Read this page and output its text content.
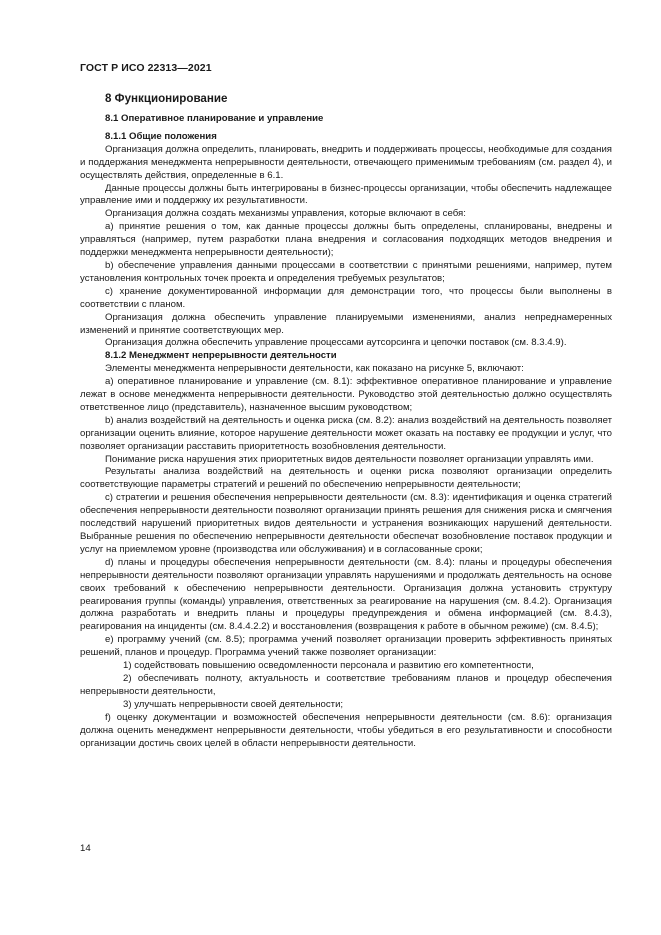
ГОСТ Р ИСО 22313—2021
8 Функционирование
8.1 Оперативное планирование и управление
8.1.1 Общие положения

Организация должна определить, планировать, внедрить и поддерживать процессы, необходимые для создания и поддержания менеджмента непрерывности деятельности, отвечающего применимым требованиям (см. раздел 4), и осуществлять действия, определенные в 6.1.

Данные процессы должны быть интегрированы в бизнес-процессы организации, чтобы обеспечить надлежащее управление ими и поддержку их результативности.

Организация должна создать механизмы управления, которые включают в себя:

а) принятие решения о том, как данные процессы должны быть определены, спланированы, внедрены и управляться (например, путем разработки плана внедрения и согласования подходящих методов внедрения и поддержки менеджмента непрерывности деятельности);

b) обеспечение управления данными процессами в соответствии с принятыми решениями, например, путем установления контрольных точек проекта и определения требуемых результатов;

с) хранение документированной информации для демонстрации того, что процессы были выполнены в соответствии с планом.

Организация должна обеспечить управление планируемыми изменениями, анализ непреднамеренных изменений и принятие соответствующих мер.

Организация должна обеспечить управление процессами аутсорсинга и цепочки поставок (см. 8.3.4.9).

8.1.2 Менеджмент непрерывности деятельности

Элементы менеджмента непрерывности деятельности, как показано на рисунке 5, включают:

а) оперативное планирование и управление (см. 8.1): эффективное оперативное планирование и управление лежат в основе менеджмента непрерывности деятельности. Руководство этой деятельностью должно осуществлять ответственное лицо (представитель), назначенное высшим руководством;

b) анализ воздействий на деятельность и оценка риска (см. 8.2): анализ воздействий на деятельность позволяет организации оценить влияние, которое нарушение деятельности может оказать на поставку ее продукции и услуг, что позволяет организации расставить приоритетность возобновления деятельности.

Понимание риска нарушения этих приоритетных видов деятельности позволяет организации управлять ими.

Результаты анализа воздействий на деятельность и оценки риска позволяют организации определить соответствующие параметры стратегий и решений по обеспечению непрерывности деятельности;

с) стратегии и решения обеспечения непрерывности деятельности (см. 8.3): идентификация и оценка стратегий обеспечения непрерывности деятельности позволяют организации принять решения для снижения риска и смягчения последствий нарушений приоритетных видов деятельности и устранения возникающих нарушений деятельности. Выбранные решения по обеспечению непрерывности деятельности обеспечат возобновление поставок продукции и услуг на приемлемом уровне (производства или обслуживания) и в согласованные сроки;

d) планы и процедуры обеспечения непрерывности деятельности (см. 8.4): планы и процедуры обеспечения непрерывности деятельности позволяют организации управлять нарушениями и продолжать деятельность на основе своих требований к обеспечению непрерывности деятельности. Организация должна установить структуру реагирования группы (команды) управления, ответственных за реагирование на нарушения (см. 8.4.2). Организация должна разработать и внедрить планы и процедуры предупреждения и обмена информацией (см. 8.4.3), реагирования на инциденты (см. 8.4.4.2.2) и восстановления (возвращения к работе в обычном режиме) (см. 8.4.5);

е) программу учений (см. 8.5); программа учений позволяет организации проверить эффективность принятых решений, планов и процедур. Программа учений также позволяет организации:

1) содействовать повышению осведомленности персонала и развитию его компетентности,

2) обеспечивать полноту, актуальность и соответствие требованиям планов и процедур обеспечения непрерывности деятельности,

3) улучшать непрерывности своей деятельности;

f) оценку документации и возможностей обеспечения непрерывности деятельности (см. 8.6): организация должна оценить менеджмент непрерывности деятельности, чтобы убедиться в его результативности и способности организации достичь своих целей в области непрерывности деятельности.

14
